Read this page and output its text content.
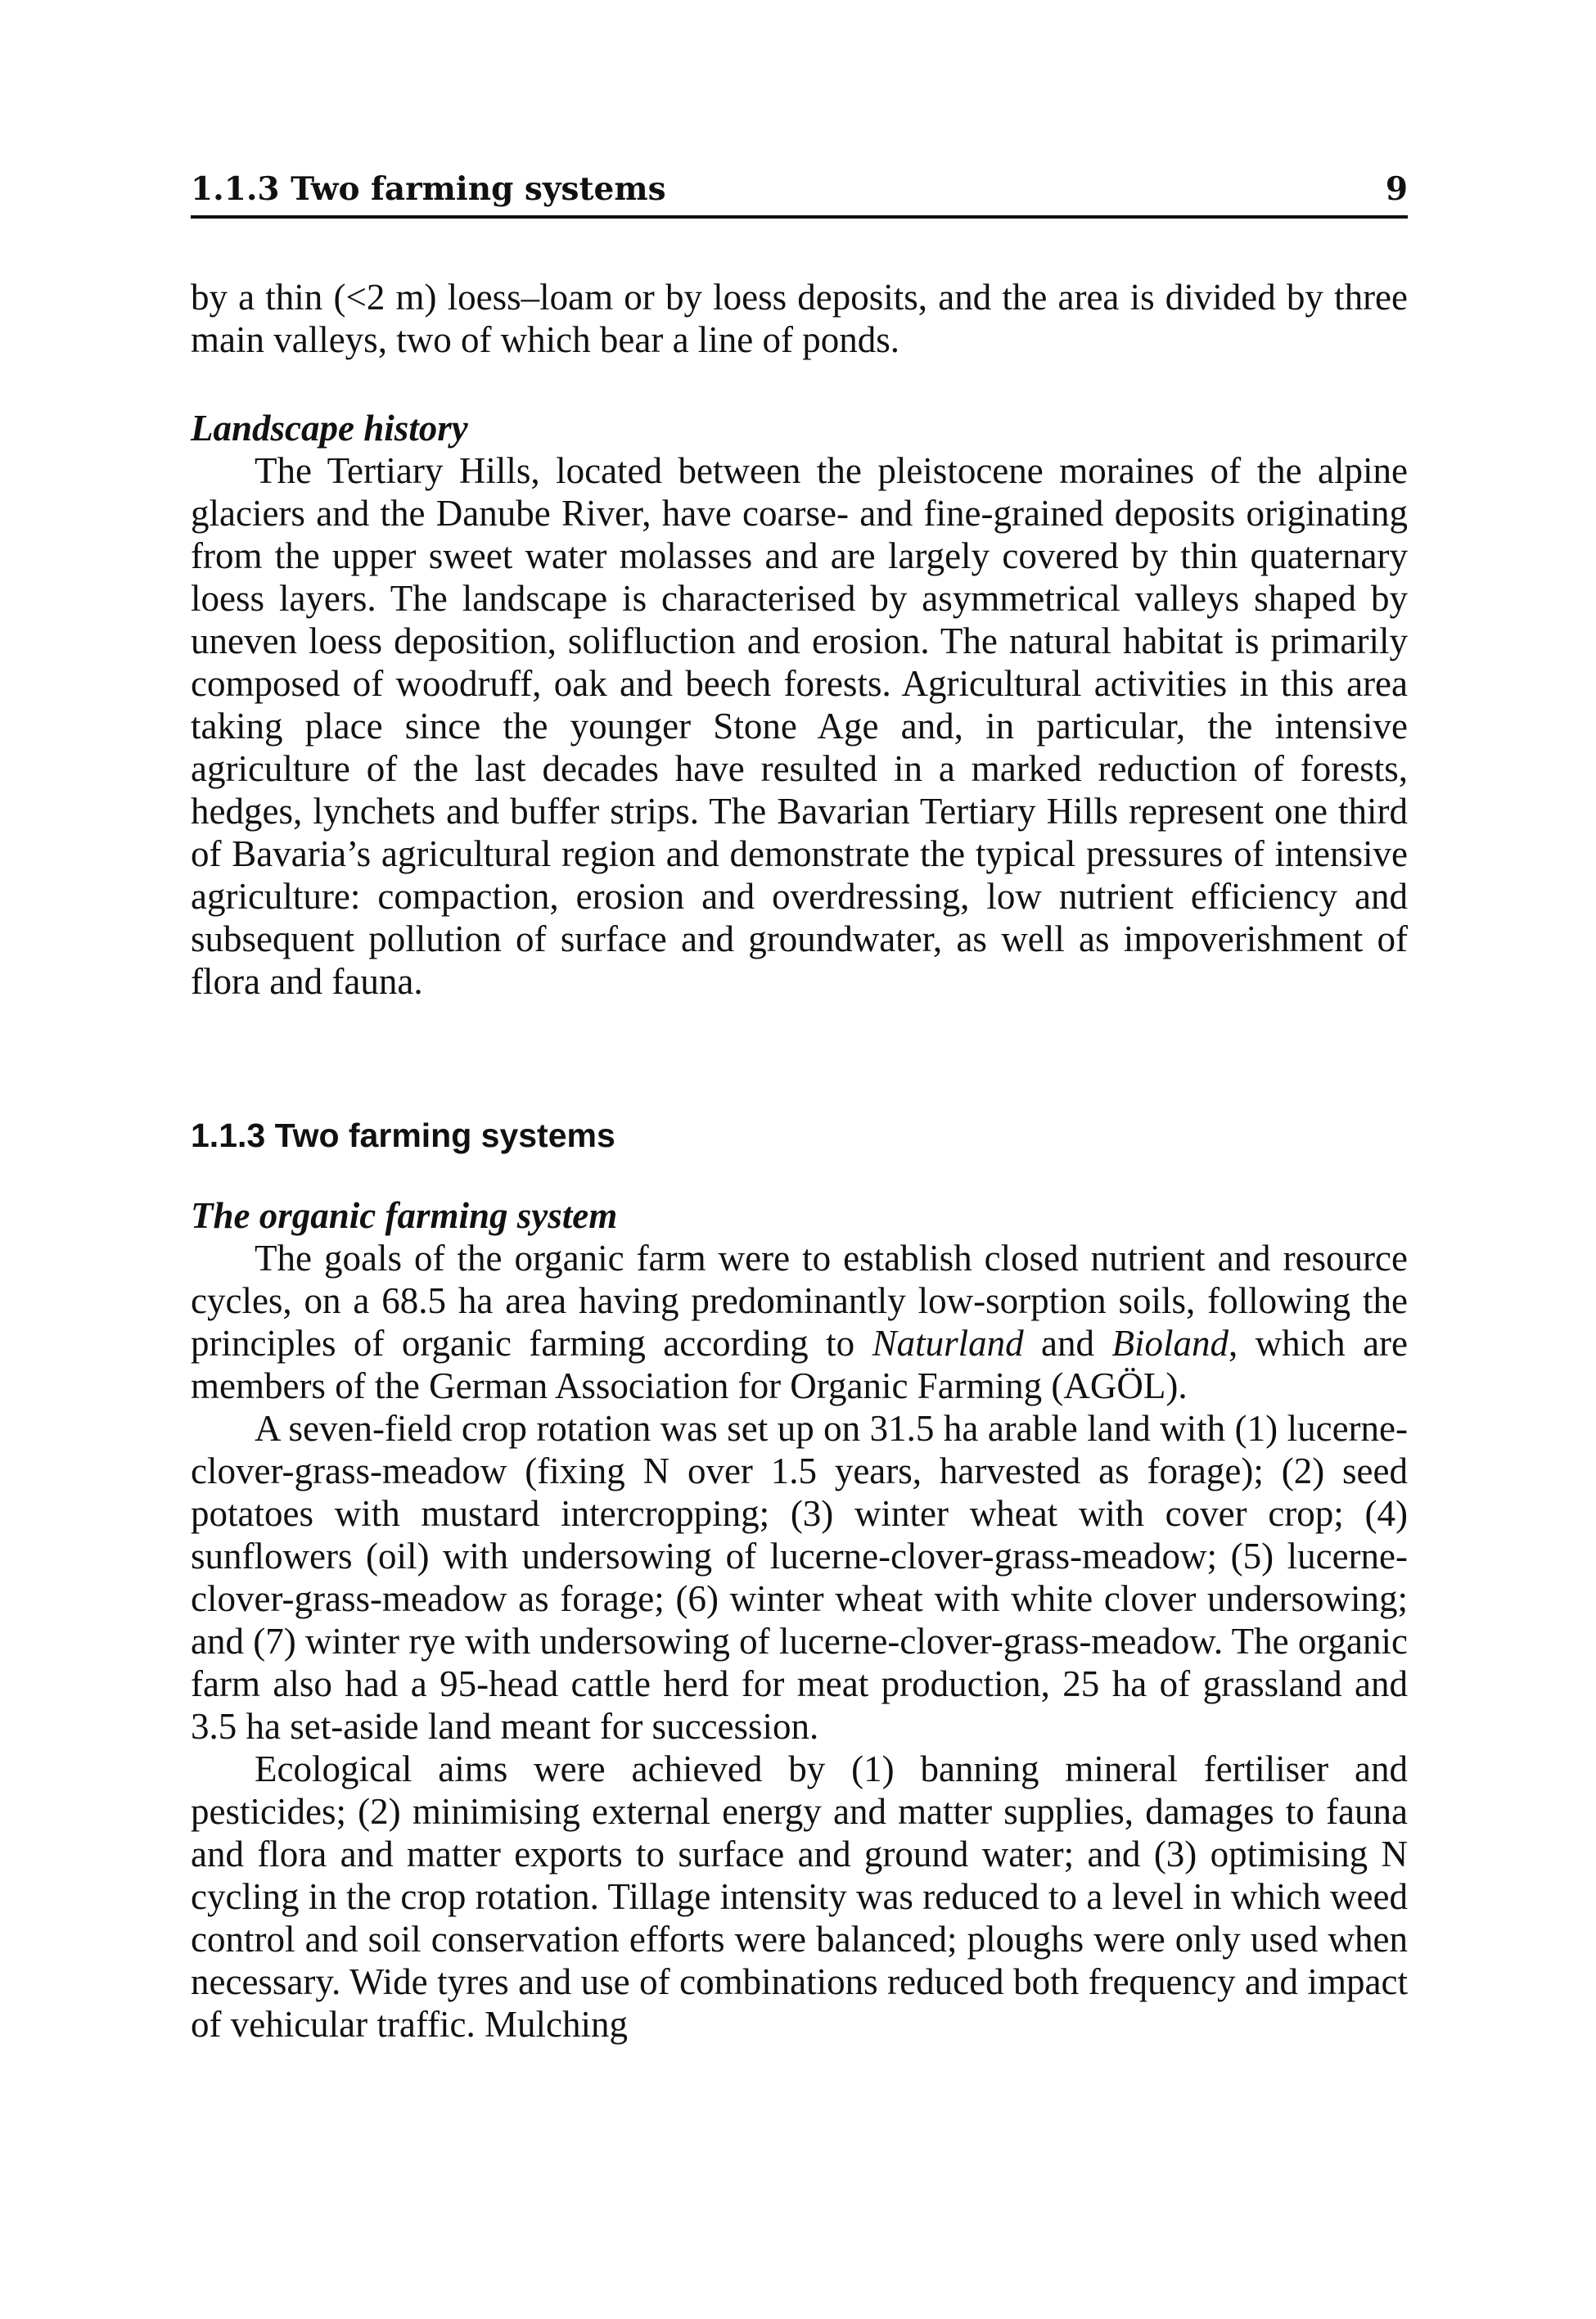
1.1.3 Two farming systems	9

by a thin (<2 m) loess–loam or by loess deposits, and the area is divided by three main valleys, two of which bear a line of ponds.

Landscape history

The Tertiary Hills, located between the pleistocene moraines of the alpine glaciers and the Danube River, have coarse- and fine-grained deposits originating from the upper sweet water molasses and are largely covered by thin quaternary loess layers. The landscape is characterised by asymmetrical valleys shaped by uneven loess deposition, solifluction and erosion. The natural habitat is primarily composed of woodruff, oak and beech forests. Agricultural activities in this area taking place since the younger Stone Age and, in particular, the intensive agriculture of the last decades have resulted in a marked reduction of forests, hedges, lynchets and buffer strips. The Bavarian Tertiary Hills represent one third of Bavaria’s agricultural region and demonstrate the typical pressures of intensive agriculture: compaction, erosion and overdressing, low nutrient efficiency and subsequent pollution of surface and groundwater, as well as impoverishment of flora and fauna.

1.1.3 Two farming systems
The organic farming system

The goals of the organic farm were to establish closed nutrient and resource cycles, on a 68.5 ha area having predominantly low-sorption soils, following the principles of organic farming according to Naturland and Bioland, which are members of the German Association for Organic Farming (AGÖL).

A seven-field crop rotation was set up on 31.5 ha arable land with (1) lucerne-clover-grass-meadow (fixing N over 1.5 years, harvested as forage); (2) seed potatoes with mustard intercropping; (3) winter wheat with cover crop; (4) sunflowers (oil) with undersowing of lucerne-clover-grass-meadow; (5) lucerne-clover-grass-meadow as forage; (6) winter wheat with white clover undersowing; and (7) winter rye with undersowing of lucerne-clover-grass-meadow. The organic farm also had a 95-head cattle herd for meat production, 25 ha of grassland and 3.5 ha set-aside land meant for succession.

Ecological aims were achieved by (1) banning mineral fertiliser and pesticides; (2) minimising external energy and matter supplies, damages to fauna and flora and matter exports to surface and ground water; and (3) optimising N cycling in the crop rotation. Tillage intensity was reduced to a level in which weed control and soil conservation efforts were balanced; ploughs were only used when necessary. Wide tyres and use of combinations reduced both frequency and impact of vehicular traffic. Mulching
